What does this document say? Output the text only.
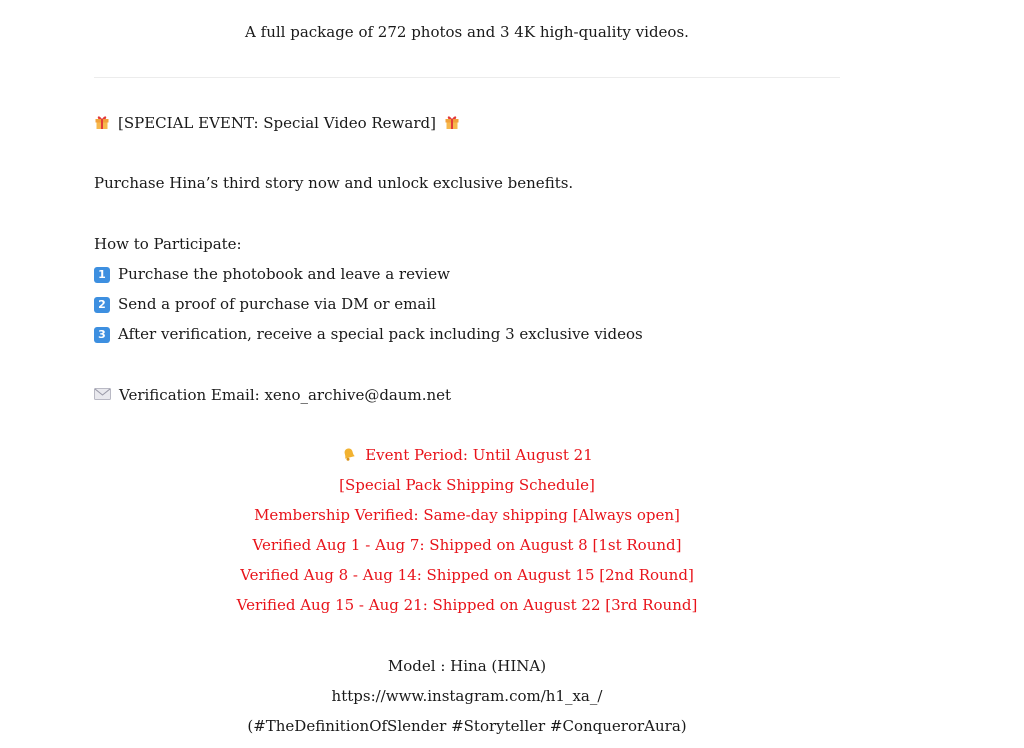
A full package of 272 photos and 3 4K high-quality videos.
[SPECIAL EVENT: Special Video Reward]
Purchase Hina’s third story now and unlock exclusive benefits.
How to Participate:
1 Purchase the photobook and leave a review
2 Send a proof of purchase via DM or email
3 After verification, receive a special pack including 3 exclusive videos
Verification Email: xeno_archive@daum.net
Event Period: Until August 21
[Special Pack Shipping Schedule]
Membership Verified: Same-day shipping [Always open]
Verified Aug 1 - Aug 7: Shipped on August 8 [1st Round]
Verified Aug 8 - Aug 14: Shipped on August 15 [2nd Round]
Verified Aug 15 - Aug 21: Shipped on August 22 [3rd Round]
Model : Hina (HINA)
https://www.instagram.com/h1_xa_/
(#TheDefinitionOfSlender #Storyteller #ConquerorAura)
